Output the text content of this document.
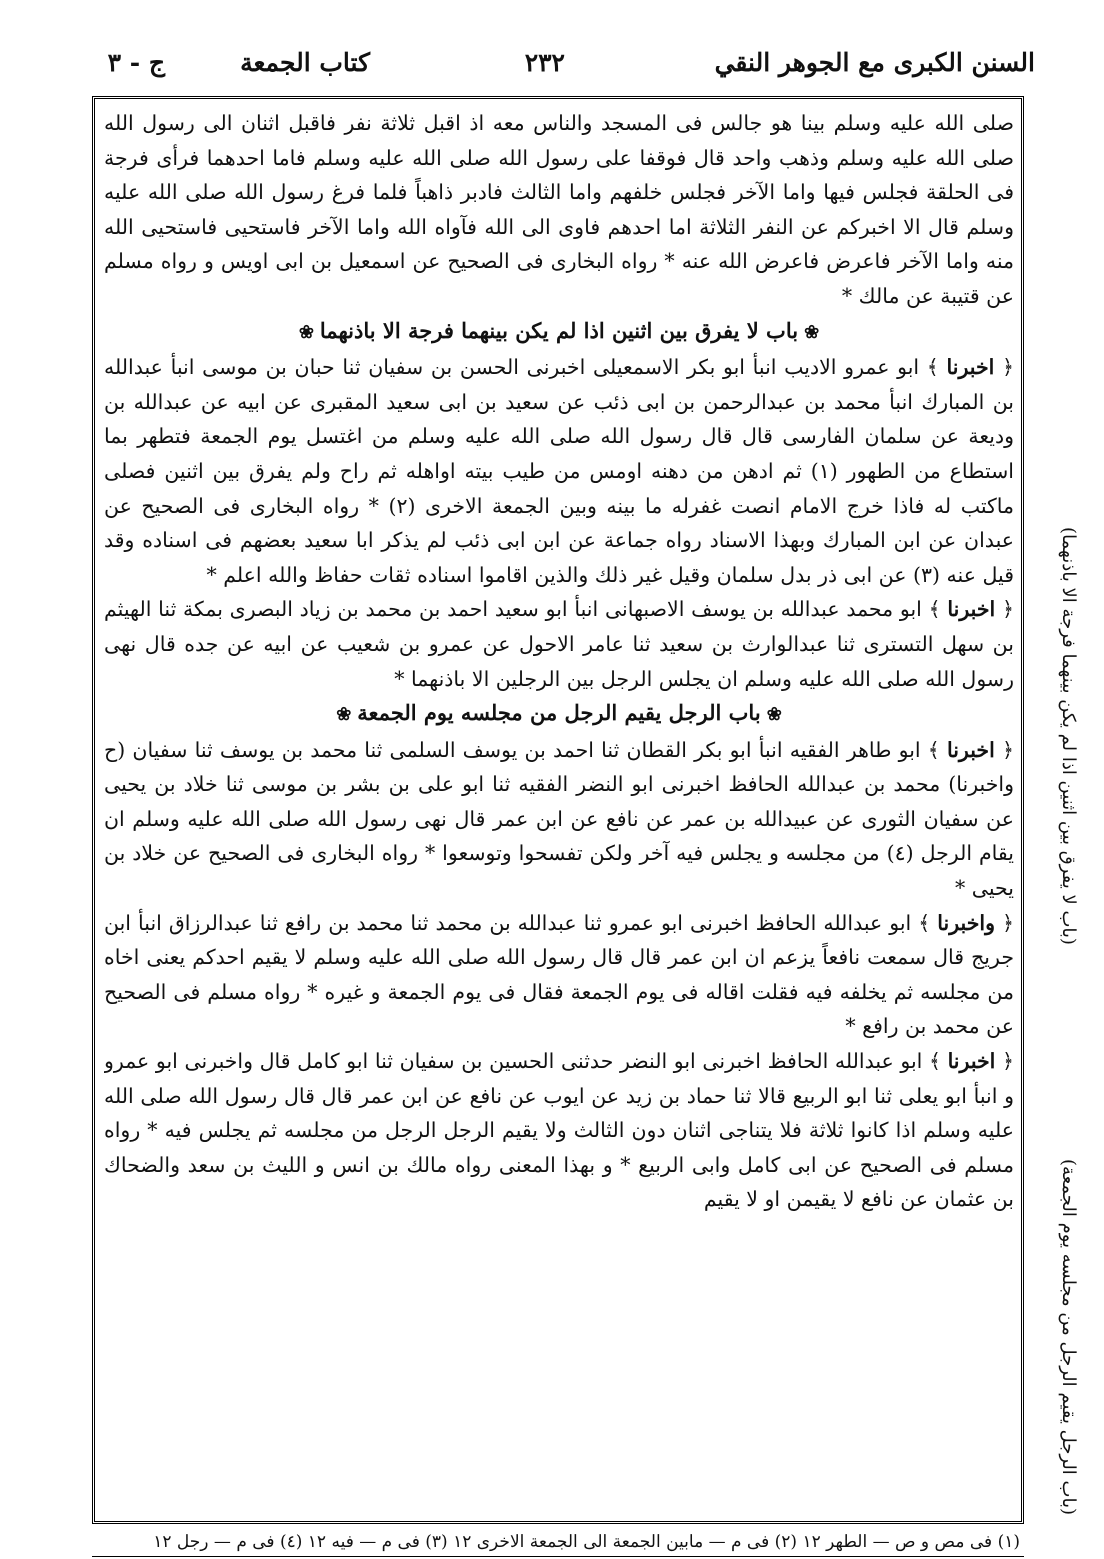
السنن الكبرى مع الجوهر النقي
٢٣٢
كتاب الجمعة
ج - ٣

صلى الله عليه وسلم بينا هو جالس فى المسجد والناس معه اذ اقبل ثلاثة نفر فاقبل اثنان الى رسول الله صلى الله عليه وسلم وذهب واحد قال فوقفا على رسول الله صلى الله عليه وسلم فاما احدهما فرأى فرجة فى الحلقة فجلس فيها واما الآخر فجلس خلفهم واما الثالث فادبر ذاهباً فلما فرغ رسول الله صلى الله عليه وسلم قال الا اخبركم عن النفر الثلاثة اما احدهم فاوى الى الله فآواه الله واما الآخر فاستحيى فاستحيى الله منه واما الآخر فاعرض فاعرض الله عنه * رواه البخارى فى الصحيح عن اسمعيل بن ابى اويس و رواه مسلم عن قتيبة عن مالك *

❀باب لا يفرق بين اثنين اذا لم يكن بينهما فرجة الا باذنهما❀

﴿ اخبرنا ﴾ ابو عمرو الاديب انبأ ابو بكر الاسمعيلى اخبرنى الحسن بن سفيان ثنا حبان بن موسى انبأ عبدالله بن المبارك انبأ محمد بن عبدالرحمن بن ابى ذئب عن سعيد بن ابى سعيد المقبرى عن ابيه عن عبدالله بن وديعة عن سلمان الفارسى قال قال رسول الله صلى الله عليه وسلم من اغتسل يوم الجمعة فتطهر بما استطاع من الطهور (١) ثم ادهن من دهنه اومس من طيب بيته اواهله ثم راح ولم يفرق بين اثنين فصلى ماكتب له فاذا خرج الامام انصت غفرله ما بينه وبين الجمعة الاخرى (٢) * رواه البخارى فى الصحيح عن عبدان عن ابن المبارك وبهذا الاسناد رواه جماعة عن ابن ابى ذئب لم يذكر ابا سعيد بعضهم فى اسناده وقد قيل عنه (٣) عن ابى ذر بدل سلمان وقيل غير ذلك والذين اقاموا اسناده ثقات حفاظ والله اعلم *

﴿ اخبرنا ﴾ ابو محمد عبدالله بن يوسف الاصبهانى انبأ ابو سعيد احمد بن محمد بن زياد البصرى بمكة ثنا الهيثم بن سهل التسترى ثنا عبدالوارث بن سعيد ثنا عامر الاحول عن عمرو بن شعيب عن ابيه عن جده قال نهى رسول الله صلى الله عليه وسلم ان يجلس الرجل بين الرجلين الا باذنهما *

❀باب الرجل يقيم الرجل من مجلسه يوم الجمعة❀

﴿ اخبرنا ﴾ ابو طاهر الفقيه انبأ ابو بكر القطان ثنا احمد بن يوسف السلمى ثنا محمد بن يوسف ثنا سفيان (ح واخبرنا) محمد بن عبدالله الحافظ اخبرنى ابو النضر الفقيه ثنا ابو على بن بشر بن موسى ثنا خلاد بن يحيى عن سفيان الثورى عن عبيدالله بن عمر عن نافع عن ابن عمر قال نهى رسول الله صلى الله عليه وسلم ان يقام الرجل (٤) من مجلسه و يجلس فيه آخر ولكن تفسحوا وتوسعوا * رواه البخارى فى الصحيح عن خلاد بن يحيى *

﴿ واخبرنا ﴾ ابو عبدالله الحافظ اخبرنى ابو عمرو ثنا عبدالله بن محمد ثنا محمد بن رافع ثنا عبدالرزاق انبأ ابن جريج قال سمعت نافعاً يزعم ان ابن عمر قال قال رسول الله صلى الله عليه وسلم لا يقيم احدكم يعنى اخاه من مجلسه ثم يخلفه فيه فقلت اقاله فى يوم الجمعة فقال فى يوم الجمعة و غيره * رواه مسلم فى الصحيح عن محمد بن رافع *

﴿ اخبرنا ﴾ ابو عبدالله الحافظ اخبرنى ابو النضر حدثنى الحسين بن سفيان ثنا ابو كامل قال واخبرنى ابو عمرو و انبأ ابو يعلى ثنا ابو الربيع قالا ثنا حماد بن زيد عن ايوب عن نافع عن ابن عمر قال قال رسول الله صلى الله عليه وسلم اذا كانوا ثلاثة فلا يتناجى اثنان دون الثالث ولا يقيم الرجل الرجل من مجلسه ثم يجلس فيه * رواه مسلم فى الصحيح عن ابى كامل وابى الربيع * و بهذا المعنى رواه مالك بن انس و الليث بن سعد والضحاك بن عثمان عن نافع لا يقيمن او لا يقيم

(باب لا يفرق بين اثنين اذا لم يكن بينهما فرجة الا باذنهما)
(باب الرجل يقيم الرجل من مجلسه يوم الجمعة)
(١) فى مص و ص — الطهر ١٢ (٢) فى م — مابين الجمعة الى الجمعة الاخرى ١٢ (٣) فى م — فيه ١٢ (٤) فى م — رجل ١٢
